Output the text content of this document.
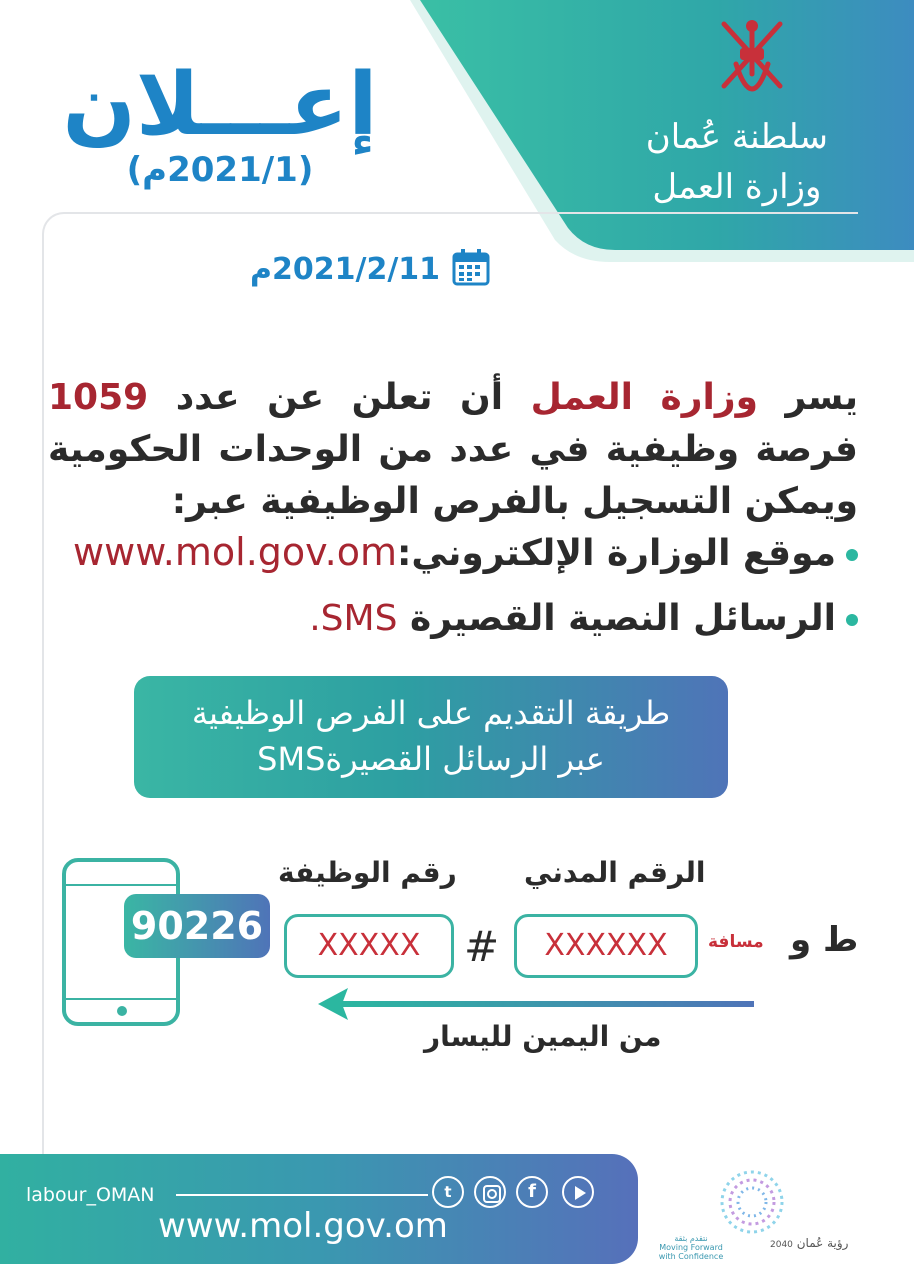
سلطنة عُمان
وزارة العمل
إعـــلان
(2021/1م)
2021/2/11م
يسر وزارة العمل أن تعلن عن عدد 1059 فرصة وظيفية في عدد من الوحدات الحكومية ويمكن التسجيل بالفرص الوظيفية عبر:
موقع الوزارة الإلكتروني:www.mol.gov.om
الرسائل النصية القصيرة SMS.
طريقة التقديم على الفرص الوظيفية
عبر الرسائل القصيرةSMS
الرقم المدني
رقم الوظيفة
ط و
مسافة
XXXXXX
#
XXXXX
90226
من اليمين لليسار
labour_OMAN
www.mol.gov.om
t	f
نتقدم بثقة
Moving Forward
with Confidence
رؤية عُمان 2040
